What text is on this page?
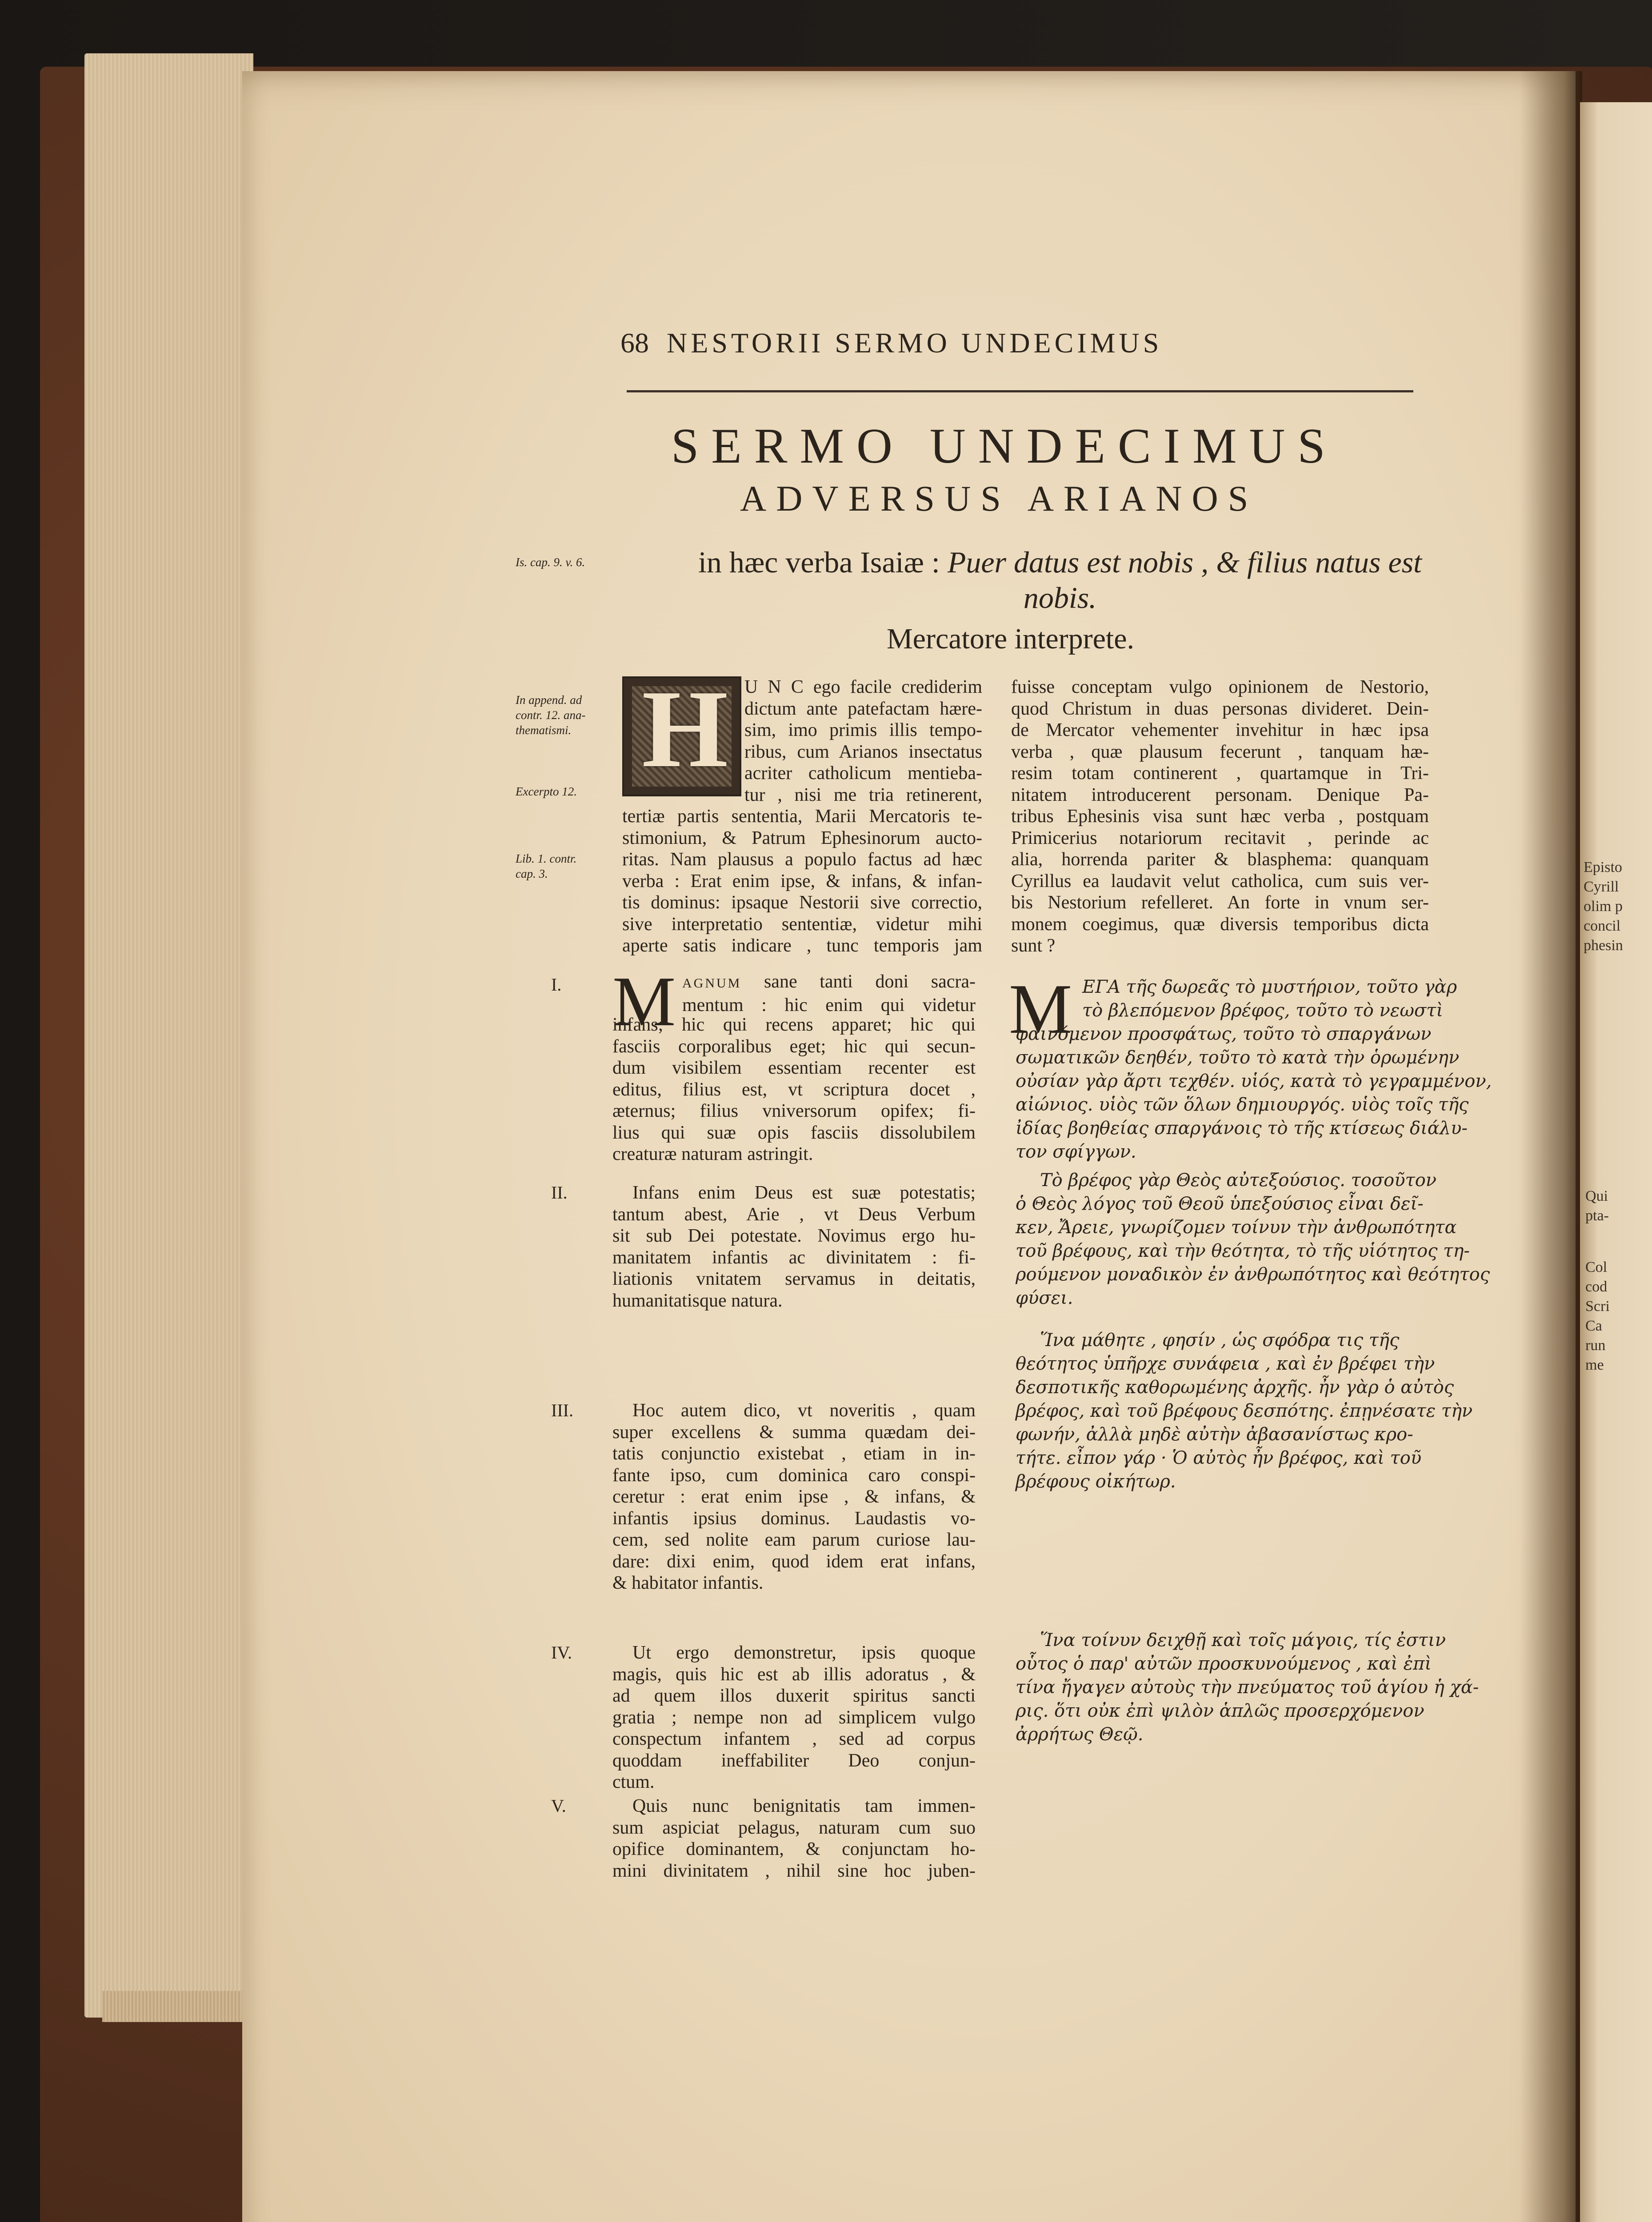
Episto
Cyrill
olim p
concil
phesin
Qui
pta-
Col
cod
Scri
Ca
run
me
68 NESTORII SERMO UNDECIMUS
SERMO UNDECIMUS
ADVERSUS ARIANOS
in hæc verba Isaiæ : Puer datus est nobis , & filius natus est nobis.
Mercatore interprete.
Is. cap. 9. v. 6.
In append. ad
contr. 12. ana-
thematismi.
Excerpto 12.
Lib. 1. contr.
cap. 3.
H U N C ego facile crediderim
dictum ante patefactam hære-
sim, imo primis illis tempo-
ribus, cum Arianos insectatus
acriter catholicum mentieba-
tur , nisi me tria retinerent,
tertiæ partis sententia, Marii Mercatoris te-
stimonium, & Patrum Ephesinorum aucto-
ritas. Nam plausus a populo factus ad hæc
verba : Erat enim ipse, & infans, & infan-
tis dominus: ipsaque Nestorii sive correctio,
sive interpretatio sententiæ, videtur mihi
aperte satis indicare , tunc temporis jam
fuisse conceptam vulgo opinionem de Nestorio,
quod Christum in duas personas divideret. Dein-
de Mercator vehementer invehitur in hæc ipsa
verba , quæ plausum fecerunt , tanquam hæ-
resim totam continerent , quartamque in Tri-
nitatem introducerent personam. Denique Pa-
tribus Ephesinis visa sunt hæc verba , postquam
Primicerius notariorum recitavit , perinde ac
alia, horrenda pariter & blasphema: quanquam
Cyrillus ea laudavit velut catholica, cum suis ver-
bis Nestorium refelleret. An forte in vnum ser-
monem coegimus, quæ diversis temporibus dicta
sunt ?
I. M AGNUM sane tanti doni sacra-
mentum : hic enim qui videtur
infans; hic qui recens apparet; hic qui
fasciis corporalibus eget; hic qui secun-
dum visibilem essentiam recenter est
editus, filius est, vt scriptura docet ,
æternus; filius vniversorum opifex; fi-
lius qui suæ opis fasciis dissolubilem
creaturæ naturam astringit.
II.	Infans enim Deus est suæ potestatis;
tantum abest, Arie , vt Deus Verbum
sit sub Dei potestate. Novimus ergo hu-
manitatem infantis ac divinitatem : fi-
liationis vnitatem servamus in deitatis,
humanitatisque natura.
III.	Hoc autem dico, vt noveritis , quam
super excellens & summa quædam dei-
tatis conjunctio existebat , etiam in in-
fante ipso, cum dominica caro conspi-
ceretur : erat enim ipse , & infans, &
infantis ipsius dominus. Laudastis vo-
cem, sed nolite eam parum curiose lau-
dare: dixi enim, quod idem erat infans,
& habitator infantis.
IV.	Ut ergo demonstretur, ipsis quoque
magis, quis hic est ab illis adoratus , &
ad quem illos duxerit spiritus sancti
gratia ; nempe non ad simplicem vulgo
conspectum infantem , sed ad corpus
quoddam ineffabiliter Deo conjun-
ctum.
V.	Quis nunc benignitatis tam immen-
sum aspiciat pelagus, naturam cum suo
opifice dominantem, & conjunctam ho-
mini divinitatem , nihil sine hoc juben-
M ΕΓΑ τῆς δωρεᾶς τὸ μυστήριον, τοῦτο γὰρ
τὸ βλεπόμενον βρέφος, τοῦτο τὸ νεωστὶ
φαινόμενον προσφάτως, τοῦτο τὸ σπαργάνων
σωματικῶν δεηθέν, τοῦτο τὸ κατὰ τὴν ὁρωμένην
οὐσίαν γὰρ ἄρτι τεχθέν. υἱός, κατὰ τὸ γεγραμμένον,
αἰώνιος. υἱὸς τῶν ὅλων δημιουργός. υἱὸς τοῖς τῆς
ἰδίας βοηθείας σπαργάνοις τὸ τῆς κτίσεως διάλυ-
τον σφίγγων.
Τὸ βρέφος γὰρ Θεὸς αὐτεξούσιος. τοσοῦτον
ὁ Θεὸς λόγος τοῦ Θεοῦ ὑπεξούσιος εἶναι δεῖ-
κεν, Ἄρειε, γνωρίζομεν τοίνυν τὴν ἀνθρωπότητα
τοῦ βρέφους, καὶ τὴν θεότητα, τὸ τῆς υἱότητος τη-
ρούμενον μοναδικὸν ἐν ἀνθρωπότητος καὶ θεότητος
φύσει.
Ἵνα μάθητε , φησίν , ὡς σφόδρα τις τῆς
θεότητος ὑπῆρχε συνάφεια , καὶ ἐν βρέφει τὴν
δεσποτικῆς καθορωμένης ἀρχῆς. ἦν γὰρ ὁ αὐτὸς
βρέφος, καὶ τοῦ βρέφους δεσπότης. ἐπῃνέσατε τὴν
φωνήν, ἀλλὰ μηδὲ αὐτὴν ἀβασανίστως κρο-
τήτε. εἶπον γάρ · Ὁ αὐτὸς ἦν βρέφος, καὶ τοῦ
βρέφους οἰκήτωρ.
Ἵνα τοίνυν δειχθῇ καὶ τοῖς μάγοις, τίς ἐστιν
οὗτος ὁ παρ' αὐτῶν προσκυνούμενος , καὶ ἐπὶ
τίνα ἤγαγεν αὐτοὺς τὴν πνεύματος τοῦ ἁγίου ἡ χά-
ρις. ὅτι οὐκ ἐπὶ ψιλὸν ἁπλῶς προσερχόμενον
ἀρρήτως Θεῷ.
